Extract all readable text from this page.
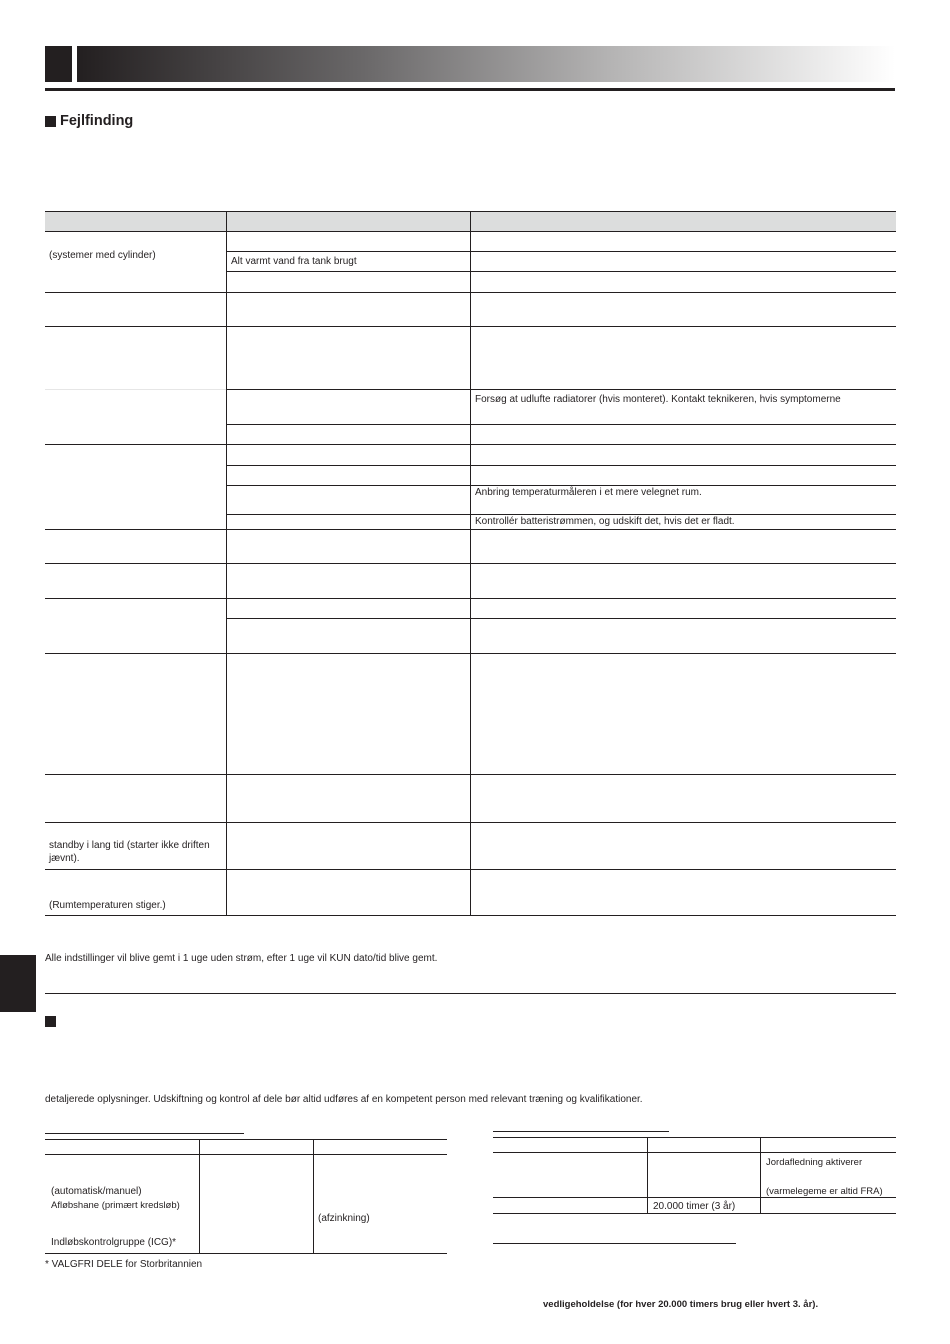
Fejlfinding
(systemer med cylinder)
Alt varmt vand fra tank brugt
Forsøg at udlufte radiatorer (hvis monteret). Kontakt teknikeren, hvis symptomerne
Anbring temperaturmåleren i et mere velegnet rum.
Kontrollér batteristrømmen, og udskift det, hvis det er fladt.
standby i lang tid (starter ikke driften jævnt).
(Rumtemperaturen stiger.)
Alle indstillinger vil blive gemt i 1 uge uden strøm, efter 1 uge vil KUN dato/tid blive gemt.
detaljerede oplysninger. Udskiftning og kontrol af dele bør altid udføres af en kompetent person med relevant træning og kvalifikationer.
(automatisk/manuel)
Afløbshane (primært kredsløb)
(afzinkning)
Indløbskontrolgruppe (ICG)*
* VALGFRI DELE for Storbritannien
Jordafledning aktiverer
(varmelegeme er altid FRA)
20.000 timer (3 år)
vedligeholdelse (for hver 20.000 timers brug eller hvert 3. år).
